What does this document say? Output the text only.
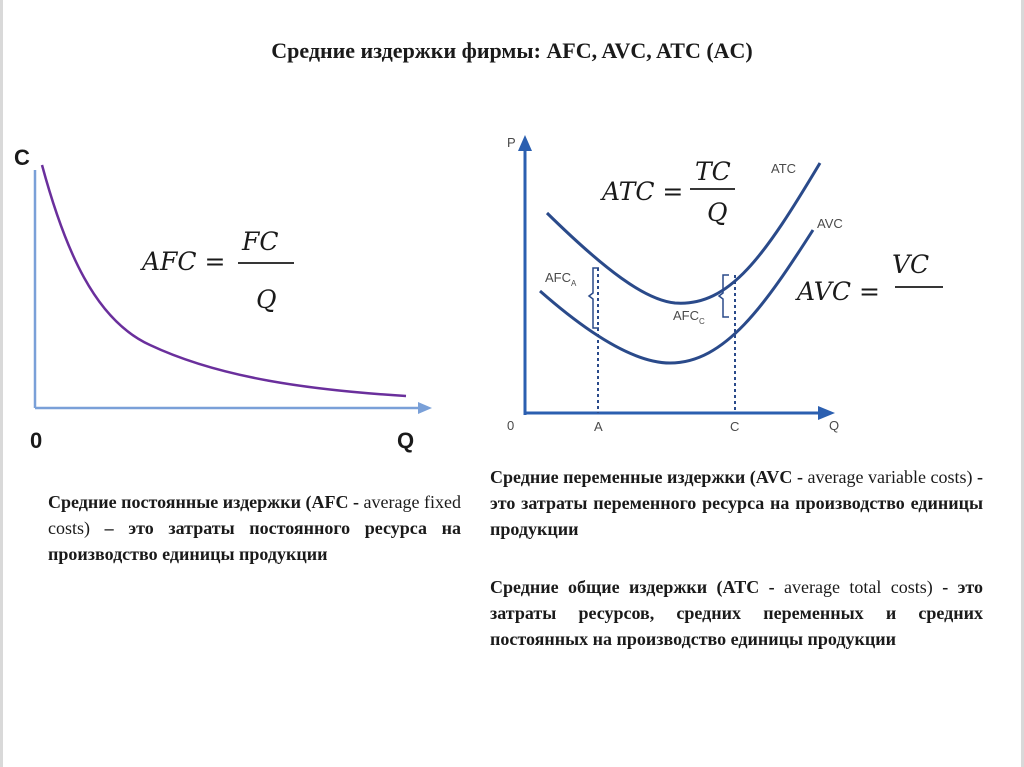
Средние издержки фирмы: AFC, AVC, ATC (AC)
C
0	Q
AFC =
FC
Q
P
0	Q
A	C
$AFC_A$
$AFC_C$
ATC
AVC
ATC =
TC
Q
AVC =
VC

Средние постоянные издержки (AFC - average fixed costs) – это затраты постоянного ресурса на производство единицы продукции

Средние переменные издержки (AVC - average variable costs) - это затраты переменного ресурса на производство единицы продукции

Средние общие издержки (ATC - average total costs) - это затраты ресурсов, средних переменных и средних постоянных на производство единицы продукции
